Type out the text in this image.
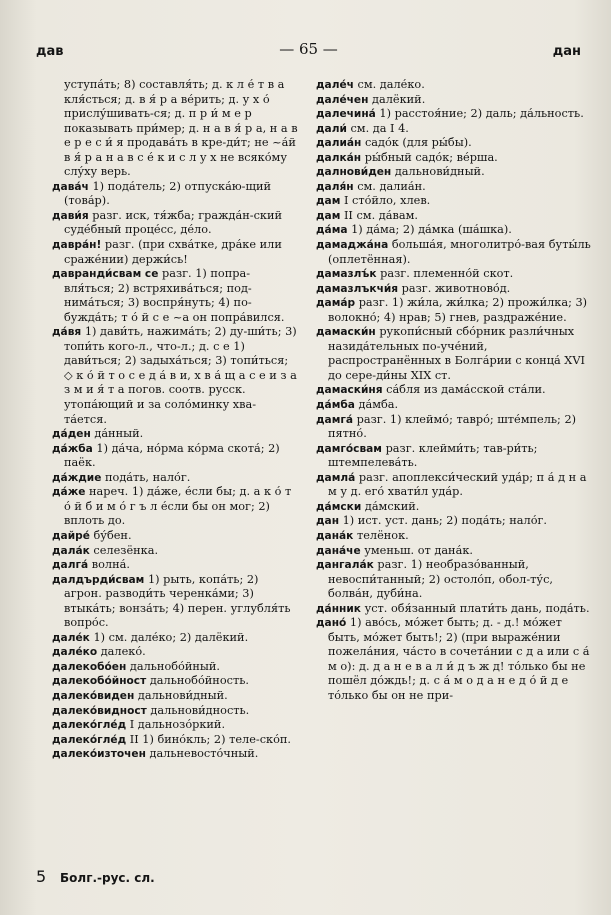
дав	— 65 —	дан

уступа́ть; 8) составля́ть; д. к л е́ т в а кля́сться; д. в я́ р а ве́рить; д. у х о́ прислу́шивать-ся; д. п р и́ м е р показывать при́мер; д. н а в я́ р а, н а в е р е с и́ я продава́ть в кре-ди́т; не ~а́й в я́ р а н а в с е́ к и с л у х не всяко́му слу́ху верь.

дава́ч 1) пода́тель; 2) отпуска́ю-щий (това́р).

дави́я разг. иск, тя́жба; гражда́н-ский суде́бный проце́сс, де́ло.

давра́н! разг. (при схва́тке, дра́ке или сраже́нии) держи́сь!

давранди́свам се разг. 1) попра-вля́ться; 2) встряхива́ться; под-нима́ться; 3) воспря́нуть; 4) по-бужда́ть; т о́ й с е ~а он попра́вился.

да́вя 1) дави́ть, нажима́ть; 2) ду-ши́ть; 3) топи́ть кого-л., что-л.; д. с е 1) дави́ться; 2) задыха́ться; 3) топи́ться; ◇ к о́ й т о с е д а́ в и, х в а́ щ а с е и з а з м и я́ т а погов. соотв. русск. утопа́ющий и за соло́минку хва-та́ется.

да́ден да́нный.

да́жба 1) да́ча, но́рма ко́рма скота́; 2) паёк.

да́ждие пода́ть, нало́г.

да́же нареч. 1) да́же, е́сли бы; д. а к о́ т о́ й б и м о́ г ъ л е́сли бы он мог; 2) вплоть до.

дайре́ бу́бен.

дала́к селезёнка.

далга́ волна́.

далдърди́свам 1) рыть, копа́ть; 2) агрон. разводи́ть черенка́ми; 3) втыка́ть; вонза́ть; 4) перен. углубля́ть вопро́с.

дале́к 1) см. дале́ко; 2) далёкий.

дале́ко далеко́.

далекобо́ен дальнобо́йный.

далекобо́йност дальнобо́йность.

далеко́виден дальнови́дный.

далеко́видност дальнови́дность.

далеко́гле́д I дальнозо́ркий.

далеко́гле́д II 1) бино́кль; 2) теле-ско́п.

далеко́източен дальневосто́чный.

дале́ч см. дале́ко.

дале́чен далёкий.

далечина́ 1) расстоя́ние; 2) даль; да́льность.

дали́ см. да I 4.

далиа́н садо́к (для ры́бы).

далка́н ры́бный садо́к; ве́рша.

далнови́ден дальнови́дный.

даля́н см. далиа́н.

дам I сто́йло, хлев.

дам II см. да́вам.

да́ма 1) да́ма; 2) да́мка (ша́шка).

дамаджа́на больша́я, многолитро́-вая буты́ль (оплетённая).

дамазлъ́к разг. племенно́й скот.

дамазлъкчи́я разг. животново́д.

дама́р разг. 1) жи́ла, жи́лка; 2) прожи́лка; 3) волокно́; 4) нрав; 5) гнев, раздраже́ние.

дамаски́н рукопи́сный сбо́рник разли́чных назида́тельных по-уче́ний, распространённых в Болга́рии с конца́ XVI до сере-ди́ны XIX ст.

дамаски́ня са́бля из дама́сской ста́ли.

да́мба да́мба.

дамга́ разг. 1) клеймо́; тавро́; ште́мпель; 2) пятно́.

дамго́свам разг. клейми́ть; тав-ри́ть; штемпелева́ть.

дамла́ разг. апоплекси́ческий уда́р; п а́ д н а м у д. его́ хвати́л уда́р.

да́мски да́мский.

дан 1) ист. уст. дань; 2) пода́ть; нало́г.

дана́к телёнок.

дана́че уменьш. от дана́к.

дангала́к разг. 1) необразо́ванный, невоспи́танный; 2) остоло́п, обол-ту́с, болва́н, дуби́на.

да́нник уст. обя́занный плати́ть дань, пода́ть.

дано́ 1) аво́сь, мо́жет быть; д. - д.! мо́жет быть, мо́жет быть!; 2) (при выраже́нии пожела́ния, ча́сто в сочета́нии с д а или с а́ м о): д. д а н е в а л и́ д ъ ж д! то́лько бы не пошёл до́ждь!; д. с а́ м о д а н е д о́ й д е то́лько бы он не при-

5 Болг.-рус. сл.
